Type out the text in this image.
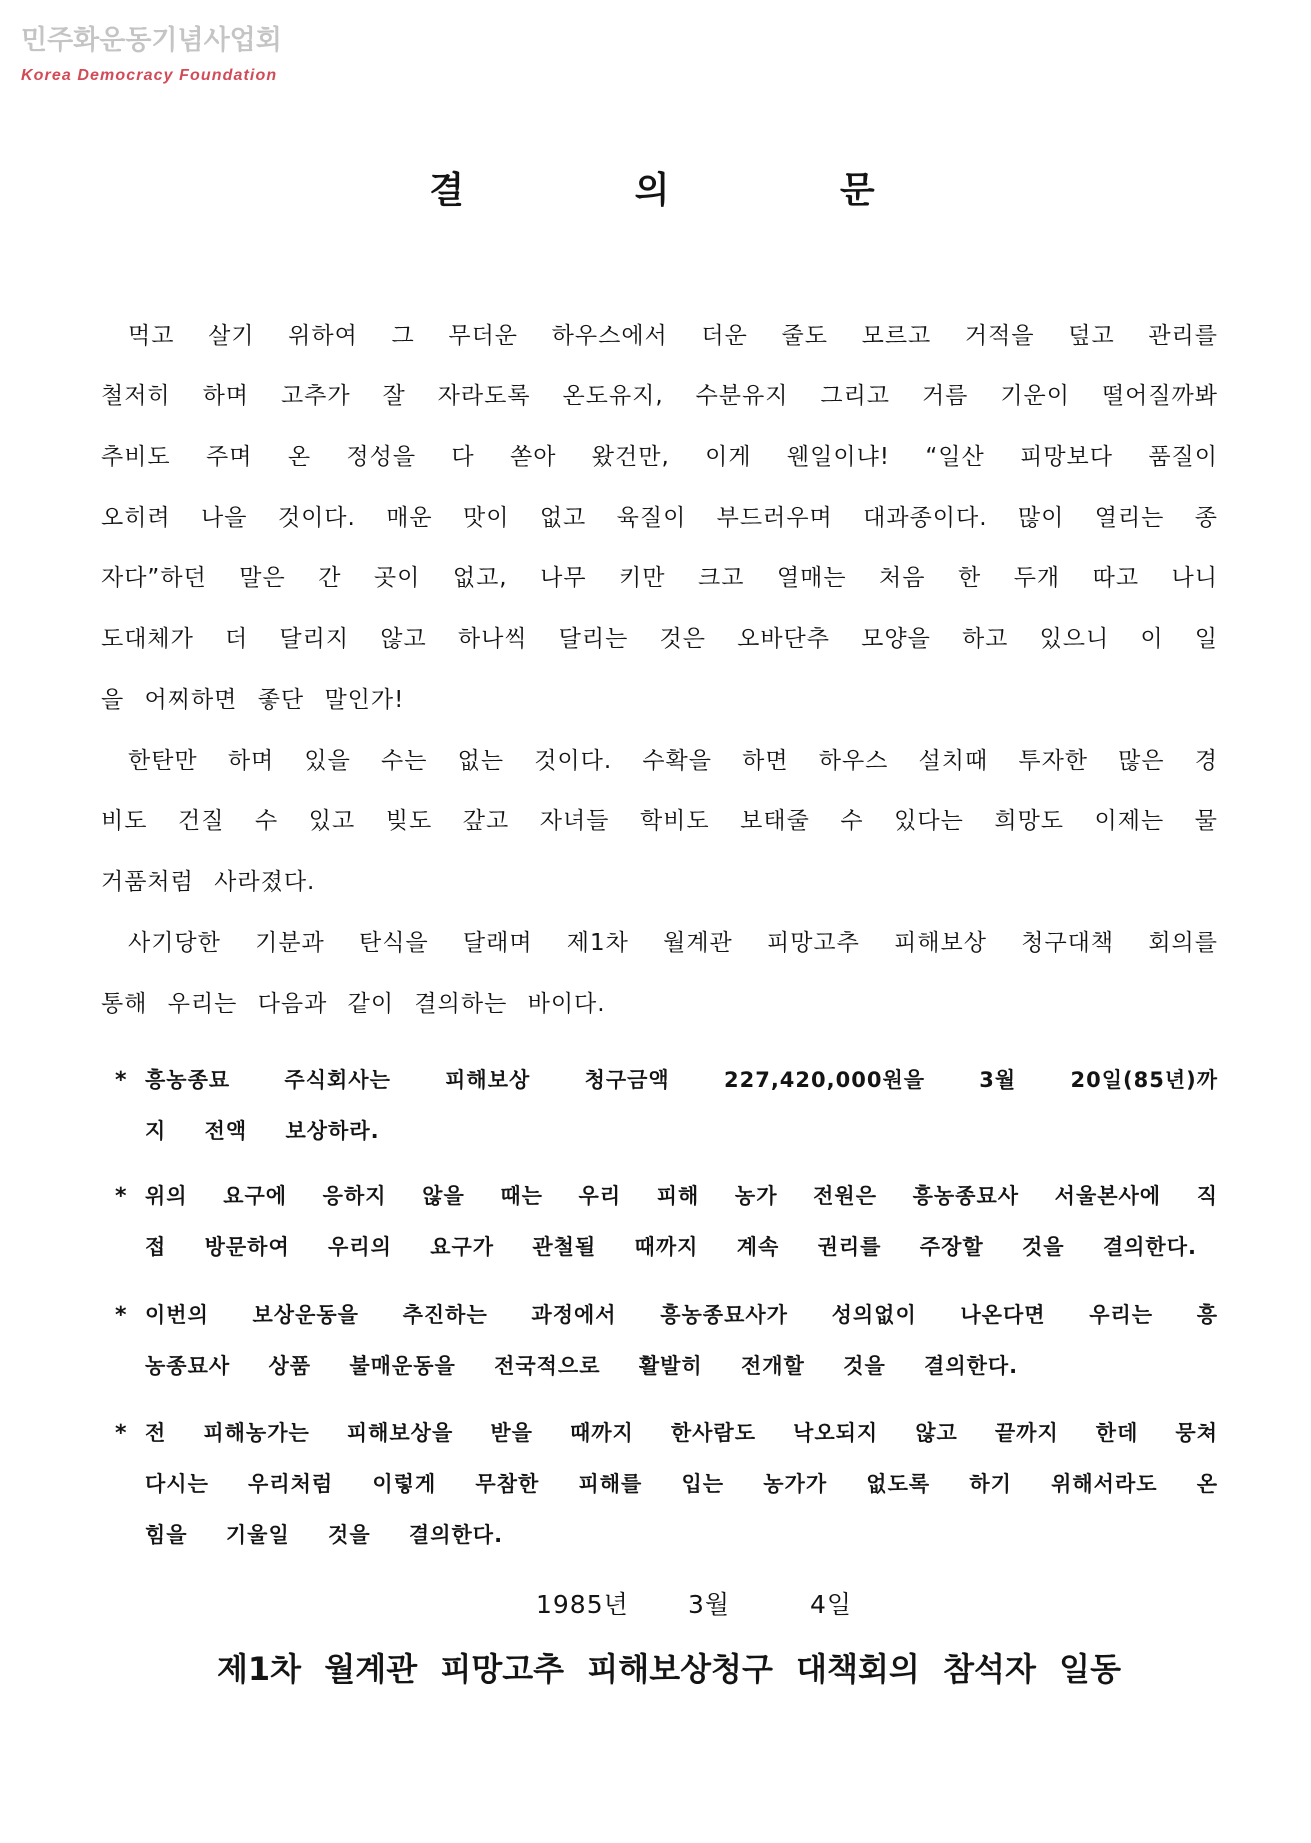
민주화운동기념사업회
Korea Democracy Foundation
결 의 문
먹고 살기 위하여 그 무더운 하우스에서 더운 줄도 모르고 거적을 덮고 관리를
철저히 하며 고추가 잘 자라도록 온도유지, 수분유지 그리고 거름 기운이 떨어질까봐
추비도 주며 온 정성을 다 쏟아 왔건만, 이게 웬일이냐! “일산 피망보다 품질이
오히려 나을 것이다. 매운 맛이 없고 육질이 부드러우며 대과종이다. 많이 열리는 종
자다”하던 말은 간 곳이 없고, 나무 키만 크고 열매는 처음 한 두개 따고 나니
도대체가 더 달리지 않고 하나씩 달리는 것은 오바단추 모양을 하고 있으니 이 일
을 어찌하면 좋단 말인가!
한탄만 하며 있을 수는 없는 것이다. 수확을 하면 하우스 설치때 투자한 많은 경
비도 건질 수 있고 빚도 갚고 자녀들 학비도 보태줄 수 있다는 희망도 이제는 물
거품처럼 사라졌다.
사기당한 기분과 탄식을 달래며 제1차 월계관 피망고추 피해보상 청구대책 회의를
통해 우리는 다음과 같이 결의하는 바이다.
* 흥농종묘 주식회사는 피해보상 청구금액 227,420,000원을 3월 20일(85년)까
지 전액 보상하라.
* 위의 요구에 응하지 않을 때는 우리 피해 농가 전원은 흥농종묘사 서울본사에 직
접 방문하여 우리의 요구가 관철될 때까지 계속 권리를 주장할 것을 결의한다.
* 이번의 보상운동을 추진하는 과정에서 흥농종묘사가 성의없이 나온다면 우리는 흥
농종묘사 상품 불매운동을 전국적으로 활발히 전개할 것을 결의한다.
* 전 피해농가는 피해보상을 받을 때까지 한사람도 낙오되지 않고 끝까지 한데 뭉쳐
다시는 우리처럼 이렇게 무참한 피해를 입는 농가가 없도록 하기 위해서라도 온
힘을 기울일 것을 결의한다.
1985년 3월	4일
제1차 월계관 피망고추 피해보상청구 대책회의 참석자 일동
